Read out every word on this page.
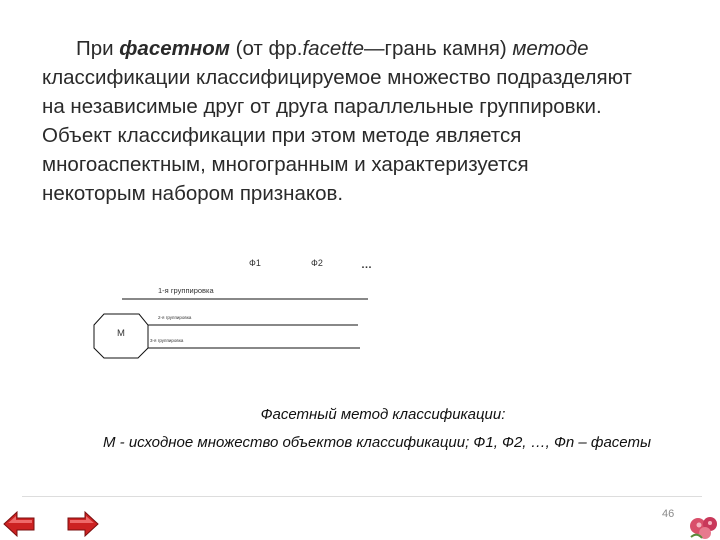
При фасетном (от фр.facette—грань камня) методе
классификации классифицируемое множество подразделяют
на независимые друг от друга параллельные группировки.
Объект классификации при этом методе является
многоаспектным, многогранным и характеризуется
некоторым набором признаков.
Ф1	Ф2	…
1-я группировка
2-я группировка
3-я группировка
М
Фасетный метод классификации:
М - исходное множество объектов классификации; Ф1, Ф2, …, Фn – фасеты
46
